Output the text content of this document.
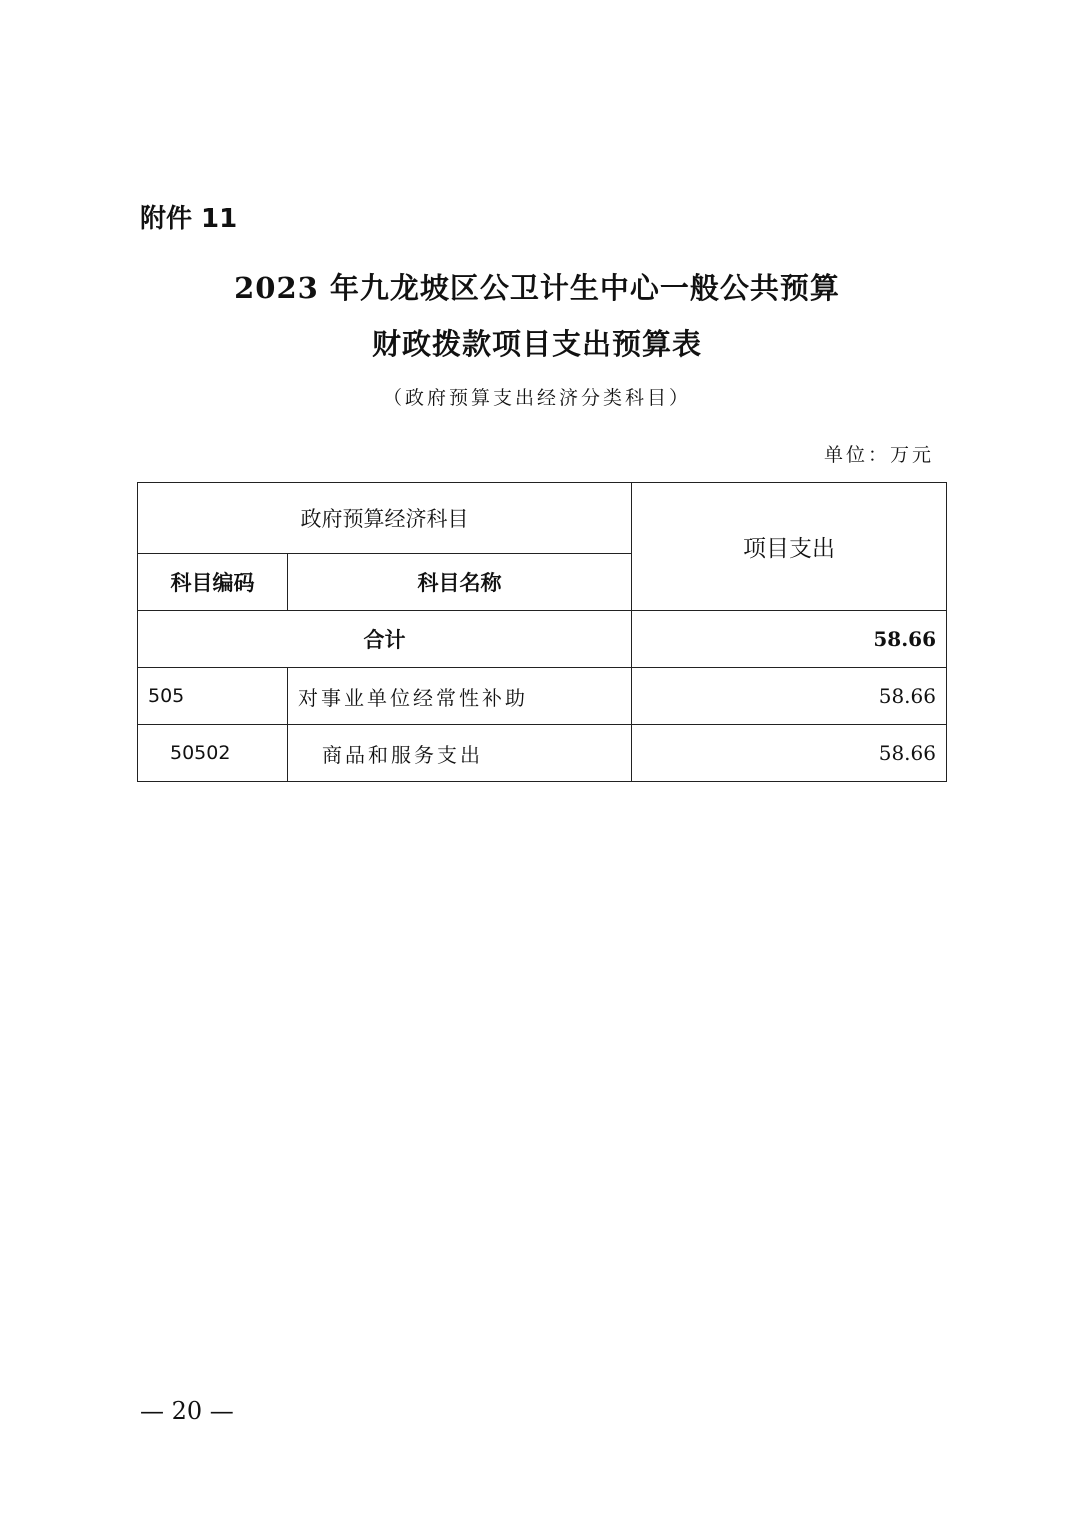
附件 11
2023 年九龙坡区公卫计生中心一般公共预算
财政拨款项目支出预算表
（政府预算支出经济分类科目）
单位：万元
政府预算经济科目		项目支出
科目编码	科目名称	
合计		58.66
505	对事业单位经常性补助	58.66
50502	商品和服务支出	58.66
— 20 —
